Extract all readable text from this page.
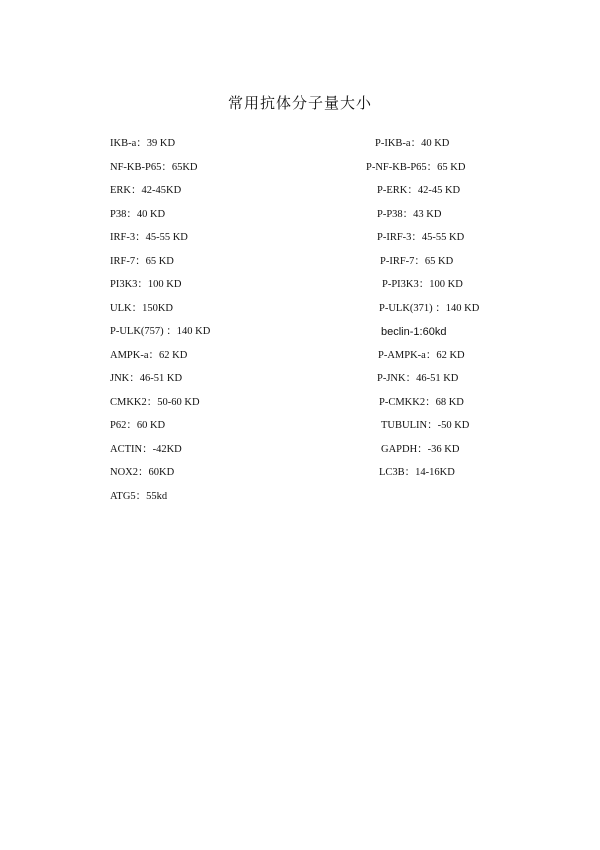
常用抗体分子量大小
IKB-a：39 KD
NF-KB-P65：65KD
ERK：42-45KD
P38：40 KD
IRF-3：45-55 KD
IRF-7：65 KD
PI3K3：100 KD
ULK：150KD
P-ULK(757) ：140 KD
AMPK-a：62 KD
JNK：46-51 KD
CMKK2：50-60 KD
P62：60 KD
ACTIN：-42KD
NOX2：60KD
ATG5：55kd
P-IKB-a：40 KD
P-NF-KB-P65：65 KD
P-ERK：42-45 KD
P-P38：43 KD
P-IRF-3：45-55 KD
P-IRF-7：65 KD
P-PI3K3：100 KD
P-ULK(371) ：140 KD
beclin-1:60kd
P-AMPK-a：62 KD
P-JNK：46-51 KD
P-CMKK2：68 KD
TUBULIN：-50 KD
GAPDH：-36 KD
LC3B：14-16KD
